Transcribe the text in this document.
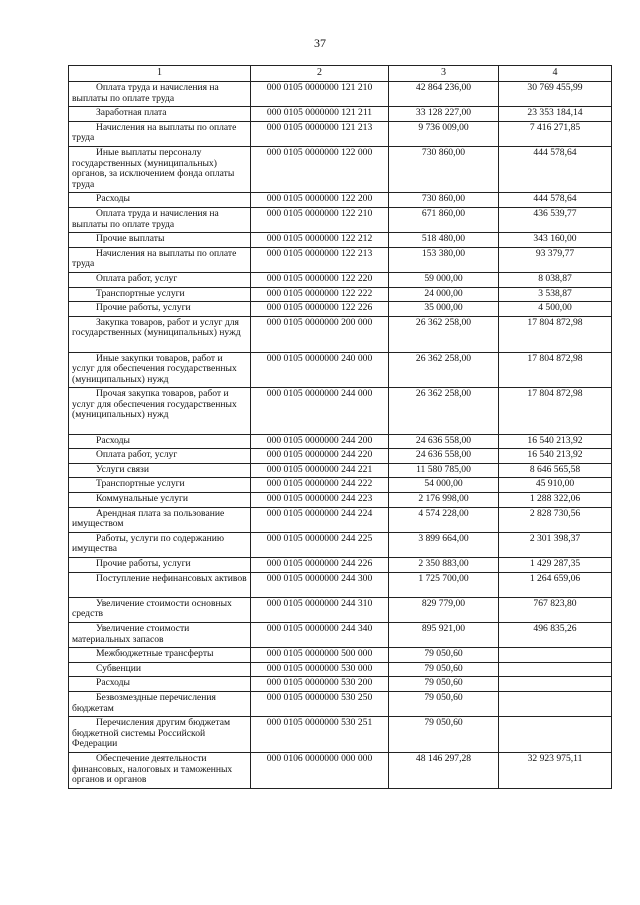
37
1	2	3	4

Оплата труда и начисления на выплаты по оплате труда	000 0105 0000000 121 210	42 864 236,00	30 769 455,99

Заработная плата	000 0105 0000000 121 211	33 128 227,00	23 353 184,14

Начисления на выплаты по оплате труда	000 0105 0000000 121 213	9 736 009,00	7 416 271,85

Иные выплаты персоналу государственных (муниципальных) органов, за исключением фонда оплаты труда	000 0105 0000000 122 000	730 860,00	444 578,64

Расходы	000 0105 0000000 122 200	730 860,00	444 578,64

Оплата труда и начисления на выплаты по оплате труда	000 0105 0000000 122 210	671 860,00	436 539,77

Прочие выплаты	000 0105 0000000 122 212	518 480,00	343 160,00

Начисления на выплаты по оплате труда	000 0105 0000000 122 213	153 380,00	93 379,77

Оплата работ, услуг	000 0105 0000000 122 220	59 000,00	8 038,87

Транспортные услуги	000 0105 0000000 122 222	24 000,00	3 538,87

Прочие работы, услуги	000 0105 0000000 122 226	35 000,00	4 500,00

Закупка товаров, работ и услуг для государственных (муниципальных) нужд	000 0105 0000000 200 000	26 362 258,00	17 804 872,98

Иные закупки товаров, работ и услуг для обеспечения государственных (муниципальных) нужд	000 0105 0000000 240 000	26 362 258,00	17 804 872,98

Прочая закупка товаров, работ и услуг для обеспечения государственных (муниципальных) нужд	000 0105 0000000 244 000	26 362 258,00	17 804 872,98

Расходы	000 0105 0000000 244 200	24 636 558,00	16 540 213,92

Оплата работ, услуг	000 0105 0000000 244 220	24 636 558,00	16 540 213,92

Услуги связи	000 0105 0000000 244 221	11 580 785,00	8 646 565,58

Транспортные услуги	000 0105 0000000 244 222	54 000,00	45 910,00

Коммунальные услуги	000 0105 0000000 244 223	2 176 998,00	1 288 322,06

Арендная плата за пользование имуществом	000 0105 0000000 244 224	4 574 228,00	2 828 730,56

Работы, услуги по содержанию имущества	000 0105 0000000 244 225	3 899 664,00	2 301 398,37

Прочие работы, услуги	000 0105 0000000 244 226	2 350 883,00	1 429 287,35

Поступление нефинансовых активов	000 0105 0000000 244 300	1 725 700,00	1 264 659,06

Увеличение стоимости основных средств	000 0105 0000000 244 310	829 779,00	767 823,80

Увеличение стоимости материальных запасов	000 0105 0000000 244 340	895 921,00	496 835,26

Межбюджетные трансферты	000 0105 0000000 500 000	79 050,60	

Субвенции	000 0105 0000000 530 000	79 050,60	

Расходы	000 0105 0000000 530 200	79 050,60	

Безвозмездные перечисления бюджетам	000 0105 0000000 530 250	79 050,60	

Перечисления другим бюджетам бюджетной системы Российской Федерации	000 0105 0000000 530 251	79 050,60	

Обеспечение деятельности финансовых, налоговых и таможенных органов и органов	000 0106 0000000 000 000	48 146 297,28	32 923 975,11
